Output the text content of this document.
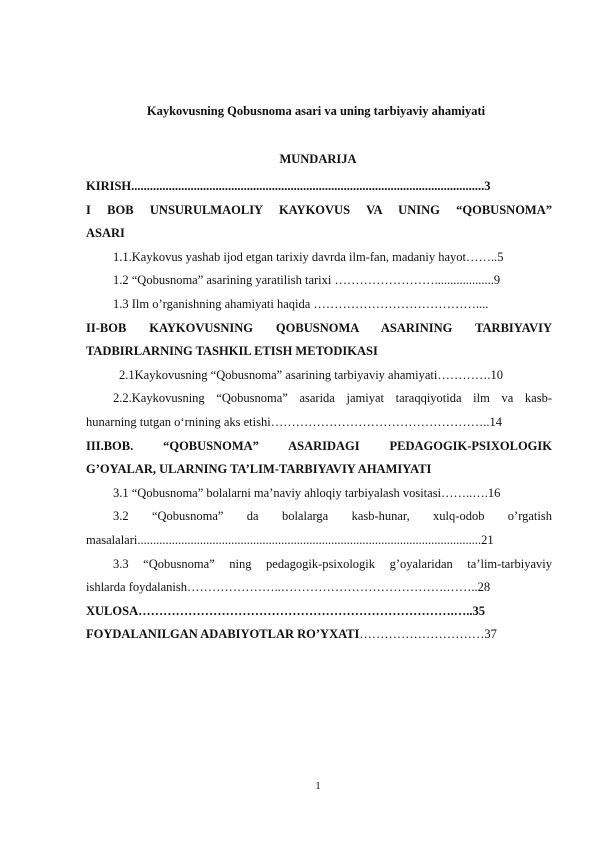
Kaykovusning Qobusnoma asari va uning tarbiyaviy ahamiyati
MUNDARIJA
KIRISH.................................................................................................................3
I BOB UNSURULMAOLIY KAYKOVUS VA UNING “QOBUSNOMA”
ASARI
1.1.Kaykovus yashab ijod etgan tarixiy davrda ilm-fan, madaniy hayot……..5
1.2 “Qobusnoma” asarining yaratilish tarixi ……………………...................9
1.3 Ilm o’rganishning ahamiyati haqida …………………………………....
II-BOB KAYKOVUSNING QOBUSNOMA ASARINING TARBIYAVIY
TADBIRLARNING TASHKIL ETISH METODIKASI
2.1Kaykovusning “Qobusnoma” asarining tarbiyaviy ahamiyati………….10
2.2.Kaykovusning “Qobusnoma” asarida jamiyat taraqqiyotida ilm va kasb-
hunarning tutgan o‘rnining aks etishi……………………………………………..14
III.BOB. “QOBUSNOMA” ASARIDAGI PEDAGOGIK-PSIXOLOGIK
G’OYALAR, ULARNING TA’LIM-TARBIYAVIY AHAMIYATI
3.1 “Qobusnoma” bolalarni ma’naviy ahloqiy tarbiyalash vositasi……..….16
3.2 “Qobusnoma” da bolalarga kasb-hunar, xulq-odob o’rgatish
masalalari..............................................................................................................21
3.3 “Qobusnoma” ning pedagogik-psixologik g’oyalaridan ta’lim-tarbiyaviy
ishlarda foydalanish…………………..………………………………….……..28
XULOSA………………………………………………………………….…..35
FOYDALANILGAN ADABIYOTLAR RO’YXATI…………………………37
1
